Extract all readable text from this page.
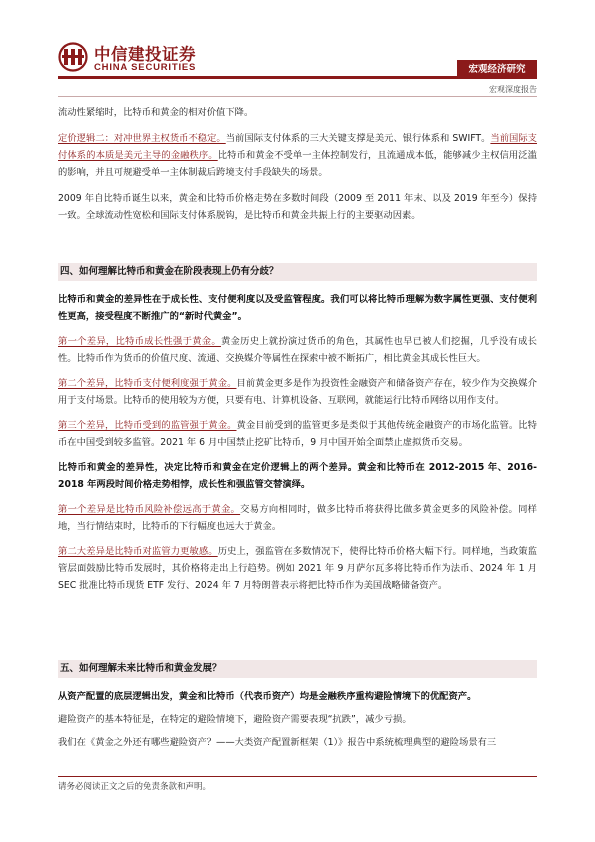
中信建投证券
CHINA SECURITIES	宏观经济研究
宏观深度报告

流动性紧缩时，比特币和黄金的相对价值下降。

定价逻辑二：对冲世界主权货币不稳定。当前国际支付体系的三大关键支撑是美元、银行体系和 SWIFT。当前国际支付体系的本质是美元主导的金融秩序。比特币和黄金不受单一主体控制发行，且流通成本低，能够减少主权信用泛滥的影响，并且可规避受单一主体制裁后跨境支付手段缺失的场景。

2009 年自比特币诞生以来，黄金和比特币价格走势在多数时间段（2009 至 2011 年末、以及 2019 年至今）保持一致。全球流动性宽松和国际支付体系脱钩，是比特币和黄金共振上行的主要驱动因素。

四、如何理解比特币和黄金在阶段表现上仍有分歧？

比特币和黄金的差异性在于成长性、支付便利度以及受监管程度。我们可以将比特币理解为数字属性更强、支付便利性更高，接受程度不断推广的“新时代黄金”。

第一个差异，比特币成长性强于黄金。黄金历史上就扮演过货币的角色，其属性也早已被人们挖掘，几乎没有成长性。比特币作为货币的价值尺度、流通、交换媒介等属性在探索中被不断拓广，相比黄金其成长性巨大。

第二个差异，比特币支付便利度强于黄金。目前黄金更多是作为投资性金融资产和储备资产存在，较少作为交换媒介用于支付场景。比特币的使用较为方便，只要有电、计算机设备、互联网，就能运行比特币网络以用作支付。

第三个差异，比特币受到的监管强于黄金。黄金目前受到的监管更多是类似于其他传统金融资产的市场化监管。比特币在中国受到较多监管。2021 年 6 月中国禁止挖矿比特币，9 月中国开始全面禁止虚拟货币交易。

比特币和黄金的差异性，决定比特币和黄金在定价逻辑上的两个差异。黄金和比特币在 2012-2015 年、2016-2018 年两段时间价格走势相悖，成长性和强监管交替演绎。

第一个差异是比特币风险补偿远高于黄金。交易方向相同时，做多比特币将获得比做多黄金更多的风险补偿。同样地，当行情结束时，比特币的下行幅度也远大于黄金。

第二大差异是比特币对监管力更敏感。历史上，强监管在多数情况下，使得比特币价格大幅下行。同样地，当政策监管层面鼓励比特币发展时，其价格将走出上行趋势。例如 2021 年 9 月萨尔瓦多将比特币作为法币、2024 年 1 月 SEC 批准比特币现货 ETF 发行、2024 年 7 月特朗普表示将把比特币作为美国战略储备资产。

五、如何理解未来比特币和黄金发展？

从资产配置的底层逻辑出发，黄金和比特币（代表币资产）均是金融秩序重构避险情境下的优配资产。

避险资产的基本特征是，在特定的避险情境下，避险资产需要表现“抗跌”，减少亏损。

我们在《黄金之外还有哪些避险资产？——大类资产配置新框架（1）》报告中系统梳理典型的避险场景有三

请务必阅读正文之后的免责条款和声明。
